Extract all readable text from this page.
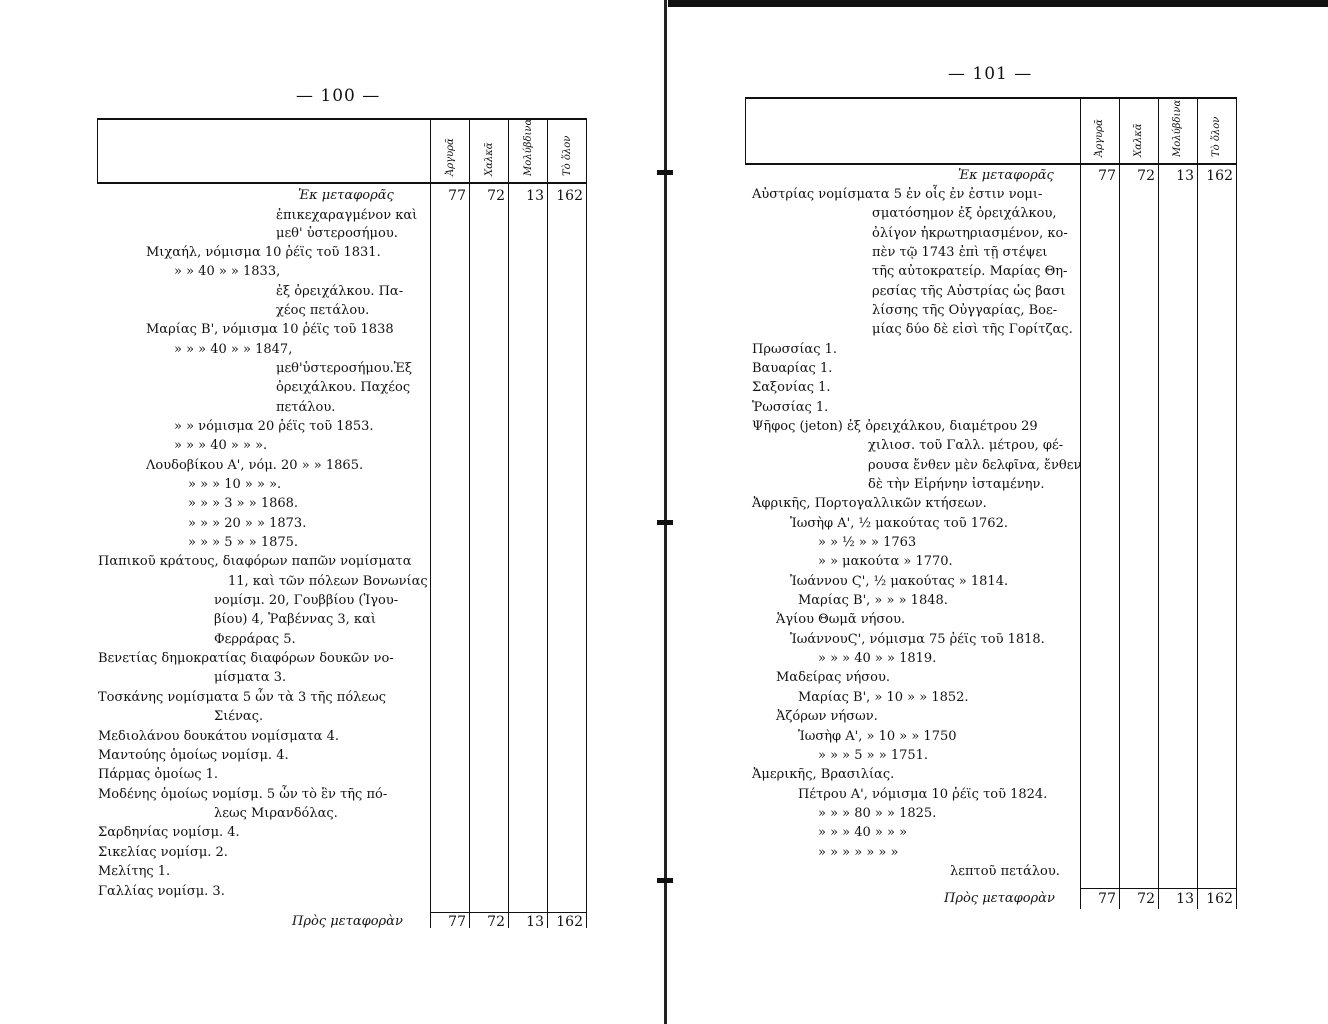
— 100 —
Ἀργυρᾶ	Χαλκᾶ	Μολύβδινα	Τὸ ὅλον
Ἐκ μεταφορᾶς	77	72	13 162
ἐπικεχαραγμένον καὶ
μεθ' ὑστεροσήμου.
Μιχαήλ, νόμισμα 10 ῥέϊς τοῦ 1831.
» » 40 » » 1833,
ἐξ ὀρειχάλκου. Πα-
χέος πετάλου.
Μαρίας Β', νόμισμα 10 ῥέϊς τοῦ 1838
» » » 40 » » 1847,
μεθ'ὑστεροσήμου.Ἐξ
ὀρειχάλκου. Παχέος
πετάλου.
» » νόμισμα 20 ῥέϊς τοῦ 1853.
» » » 40 » » ».
Λουδοβίκου Α', νόμ. 20 » » 1865.
» » » 10 » » ».
» » » 3 » » 1868.
» » » 20 » » 1873.
» » » 5 » » 1875.
Παπικοῦ κράτους, διαφόρων παπῶν νομίσματα
11, καὶ τῶν πόλεων Βονωνίας
νομίσμ. 20, Γουββίου (Ἰγου-
βίου) 4, Ῥαβέννας 3, καὶ
Φερράρας 5.
Βενετίας δημοκρατίας διαφόρων δουκῶν νο-
μίσματα 3.
Τοσκάνης νομίσματα 5 ὧν τὰ 3 τῆς πόλεως
Σιένας.
Μεδιολάνου δουκάτου νομίσματα 4.
Μαντούης ὁμοίως νομίσμ. 4.
Πάρμας ὁμοίως 1.
Μοδένης ὁμοίως νομίσμ. 5 ὧν τὸ ἓν τῆς πό-
λεως Μιρανδόλας.
Σαρδηνίας νομίσμ. 4.
Σικελίας νομίσμ. 2.
Μελίτης 1.
Γαλλίας νομίσμ. 3.
Πρὸς μεταφορὰν	77	72	13 162
— 101 —
Ἀργυρᾶ	Χαλκᾶ	Μολύβδινα	Τὸ ὅλον
Ἐκ μεταφορᾶς	77	72	13 162
Αὐστρίας νομίσματα 5 ἐν οἷς ἐν ἐστιν νομι-
σματόσημον ἐξ ὀρειχάλκου,
ὀλίγον ἠκρωτηριασμένον, κο-
πὲν τῷ 1743 ἐπὶ τῇ στέψει
τῆς αὐτοκρατείρ. Μαρίας Θη-
ρεσίας τῆς Αὐστρίας ὡς βασι
λίσσης τῆς Οὐγγαρίας, Βοε-
μίας δύο δὲ εἰσὶ τῆς Γορίτζας.
Πρωσσίας 1.
Βαυαρίας 1.
Σαξονίας 1.
Ῥωσσίας 1.
Ψῆφος (jeton) ἐξ ὀρειχάλκου, διαμέτρου 29
χιλιοσ. τοῦ Γαλλ. μέτρου, φέ-
ρουσα ἔνθεν μὲν δελφῖνα, ἔνθεν
δὲ τὴν Εἰρήνην ἱσταμένην.
Ἀφρικῆς, Πορτογαλλικῶν κτήσεων.
Ἰωσὴφ Α', ½ μακούτας τοῦ 1762.
» » ½ » » 1763
» » μακούτα » 1770.
Ἰωάννου Ϛ', ½ μακούτας » 1814.
Μαρίας Β', » » » 1848.
Ἁγίου Θωμᾶ νήσου.
ἸωάννουϚ', νόμισμα 75 ῥέϊς τοῦ 1818.
» » » 40 » » 1819.
Μαδείρας νήσου.
Μαρίας Β', » 10 » » 1852.
Ἀζόρων νήσων.
Ἰωσὴφ Α', » 10 » » 1750
» » » 5 » » 1751.
Ἀμερικῆς, Βρασιλίας.
Πέτρου Α', νόμισμα 10 ῥέϊς τοῦ 1824.
» » » 80 » » 1825.
» » » 40 » » »
» » » » » » »
λεπτοῦ πετάλου.
Πρὸς μεταφορὰν	77	72	13 162
